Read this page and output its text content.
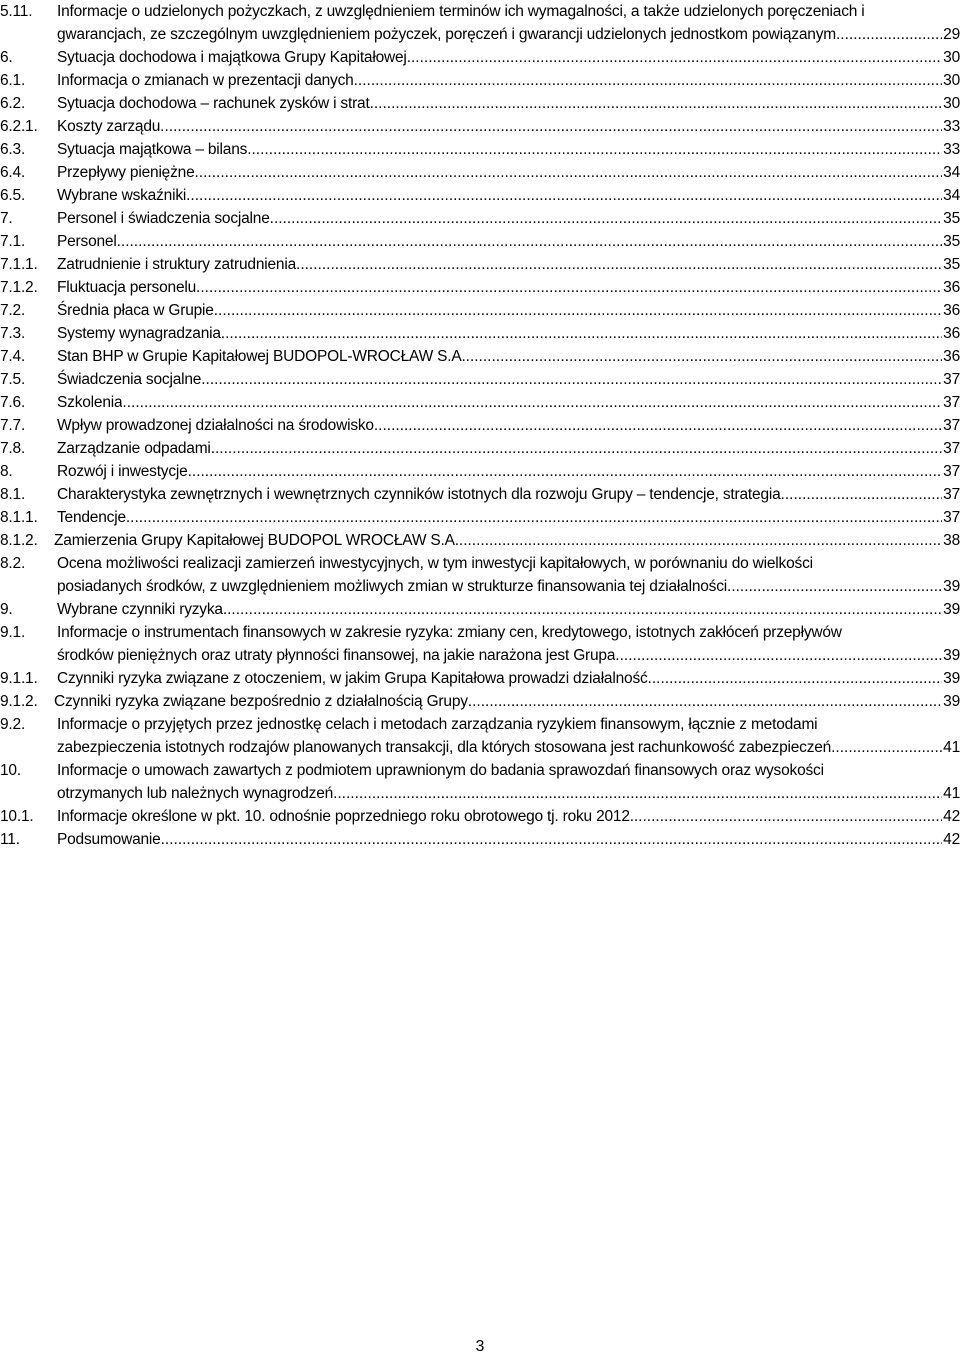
5.11. Informacje o udzielonych pożyczkach, z uwzględnieniem terminów ich wymagalności, a także udzielonych poręczeniach i
gwarancjach, ze szczególnym uwzględnieniem pożyczek, poręczeń i gwarancji udzielonych jednostkom powiązanym .....	29
6.	Sytuacja dochodowa i majątkowa Grupy Kapitałowej .....	30
6.1. Informacja o zmianach w prezentacji danych .....	30
6.2. Sytuacja dochodowa – rachunek zysków i strat .....	30
6.2.1. Koszty zarządu .....	33
6.3. Sytuacja majątkowa – bilans .....	33
6.4. Przepływy pieniężne .....	34
6.5. Wybrane wskaźniki .....	34
7.	Personel i świadczenia socjalne .....	35
7.1. Personel .....	35
7.1.1. Zatrudnienie i struktury zatrudnienia .....	35
7.1.2. Fluktuacja personelu .....	36
7.2. Średnia płaca w Grupie .....	36
7.3. Systemy wynagradzania .....	36
7.4. Stan BHP w Grupie Kapitałowej BUDOPOL-WROCŁAW S.A. .....	36
7.5. Świadczenia socjalne .....	37
7.6. Szkolenia .....	37
7.7. Wpływ prowadzonej działalności na środowisko .....	37
7.8. Zarządzanie odpadami .....	37
8.	Rozwój i inwestycje .....	37
8.1. Charakterystyka zewnętrznych i wewnętrznych czynników istotnych dla rozwoju Grupy – tendencje, strategia .....	37
8.1.1. Tendencje .....	37
8.1.2. Zamierzenia Grupy Kapitałowej BUDOPOL WROCŁAW S.A. .....	38
8.2. Ocena możliwości realizacji zamierzeń inwestycyjnych, w tym inwestycji kapitałowych, w porównaniu do wielkości
posiadanych środków, z uwzględnieniem możliwych zmian w strukturze finansowania tej działalności .....	39
9.	Wybrane czynniki ryzyka .....	39
9.1. Informacje o instrumentach finansowych w zakresie ryzyka: zmiany cen, kredytowego, istotnych zakłóceń przepływów
środków pieniężnych oraz utraty płynności finansowej, na jakie narażona jest Grupa .....	39
9.1.1. Czynniki ryzyka związane z otoczeniem, w jakim Grupa Kapitałowa prowadzi działalność .....	39
9.1.2. Czynniki ryzyka związane bezpośrednio z działalnością Grupy .....	39
9.2. Informacje o przyjętych przez jednostkę celach i metodach zarządzania ryzykiem finansowym, łącznie z metodami
zabezpieczenia istotnych rodzajów planowanych transakcji, dla których stosowana jest rachunkowość zabezpieczeń .....	41
10. Informacje o umowach zawartych z podmiotem uprawnionym do badania sprawozdań finansowych oraz wysokości
otrzymanych lub należnych wynagrodzeń .....	41
10.1. Informacje określone w pkt. 10. odnośnie poprzedniego roku obrotowego tj. roku 2012. .....	42
11. Podsumowanie .....	42
3
